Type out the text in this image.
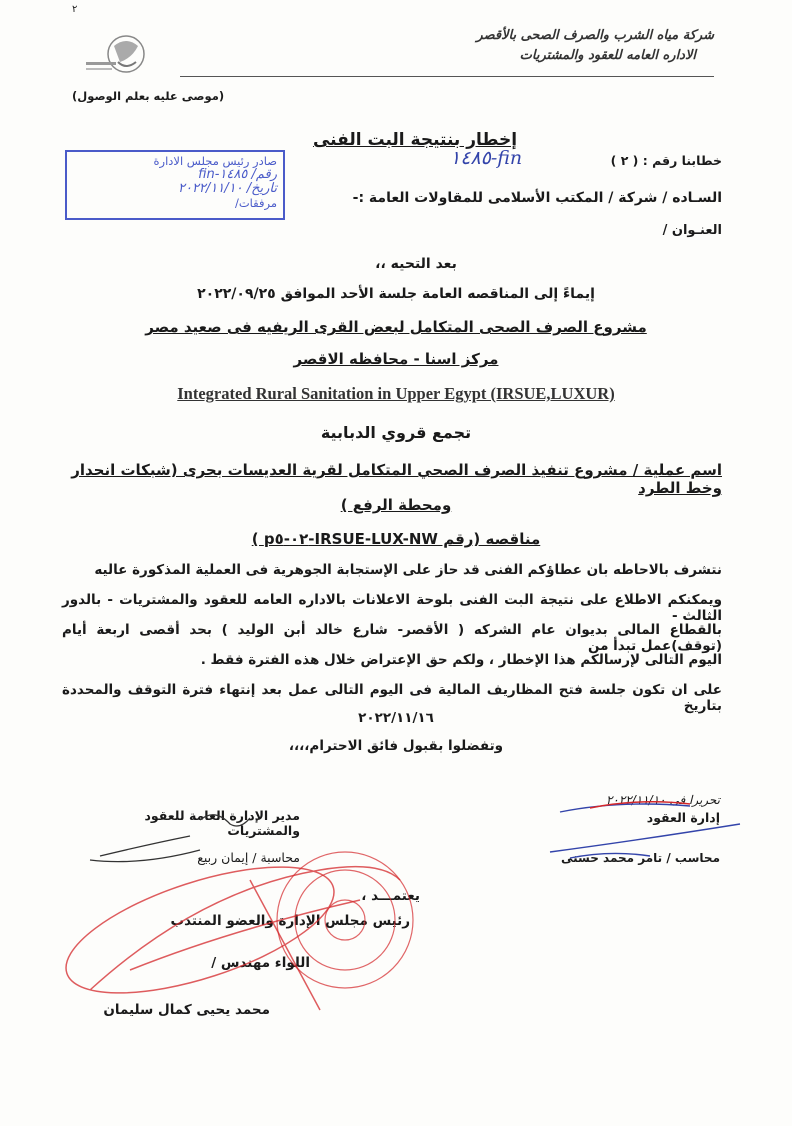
٢
شركة مياه الشرب والصرف الصحى بالأقصر
الاداره العامه للعقود والمشتريات
(موصى عليه بعلم الوصول)
صادر رئيس مجلس الادارة
رقم/ ١٤٨٥-fin
تاريخ/ ٢٠٢٢/١١/١٠
مرفقات/
إخطار بنتيجة البت الفنى
خطابنا رقم : ( ٢ )
١٤٨٥-fin
السـاده / شركة / المكتب الأسلامى للمقاولات العامة :-
العنـوان /
بعد التحيه ،،
إيماءً إلى المناقصه العامة جلسة الأحد الموافق ٢٠٢٢/٠٩/٢٥
مشروع الصرف الصحى المتكامل لبعض القرى الريفيه فى صعيد مصر
مركز اسنا - محافظه الاقصر
Integrated Rural Sanitation in Upper Egypt (IRSUE,LUXUR)
تجمع قروي الدبابية
اسم عملية / مشروع تنفيذ الصرف الصحي المتكامل لقرية العديسات بحرى (شبكات انحدار وخط الطرد
ومحطة الرفع )
مناقصه (رقم IRSUE-LUX-NW-٠٢-p٥ )
نتشرف بالاحاطه بان عطاؤكم الفنى قد حاز على الإستجابة الجوهرية فى العملية المذكورة عاليه
ويمكنكم الاطلاع على نتيجة البت الفنى بلوحة الاعلانات بالاداره العامه للعقود والمشتريات - بالدور الثالث -
بالقطاع المالى بديوان عام الشركه ( الأقصر- شارع خالد أبن الوليد ) بحد أقصى اربعة أيام (توقف)عمل تبدأ من
اليوم التالى لإرسالكم هذا الإخطار ، ولكم حق الإعتراض خلال هذه الفترة فقط .
على ان تكون جلسة فتح المظاريف المالية فى اليوم التالى عمل بعد إنتهاء فترة التوقف والمحددة بتاريخ
٢٠٢٢/١١/١٦
وتفضلوا بقبول فائق الاحترام،،،،
تحريرا فى ٢٠٢٢/١١/١٠
مدير الإدارة العامة للعقود والمشتريات
محاسبة / إيمان ربيع
إدارة العقود
محاسب / تامر محمد حسنى
يعتمـــد ،
رئيس مجلس الإدارة والعضو المنتدب
اللواء مهندس /
محمد يحيى كمال سليمان
